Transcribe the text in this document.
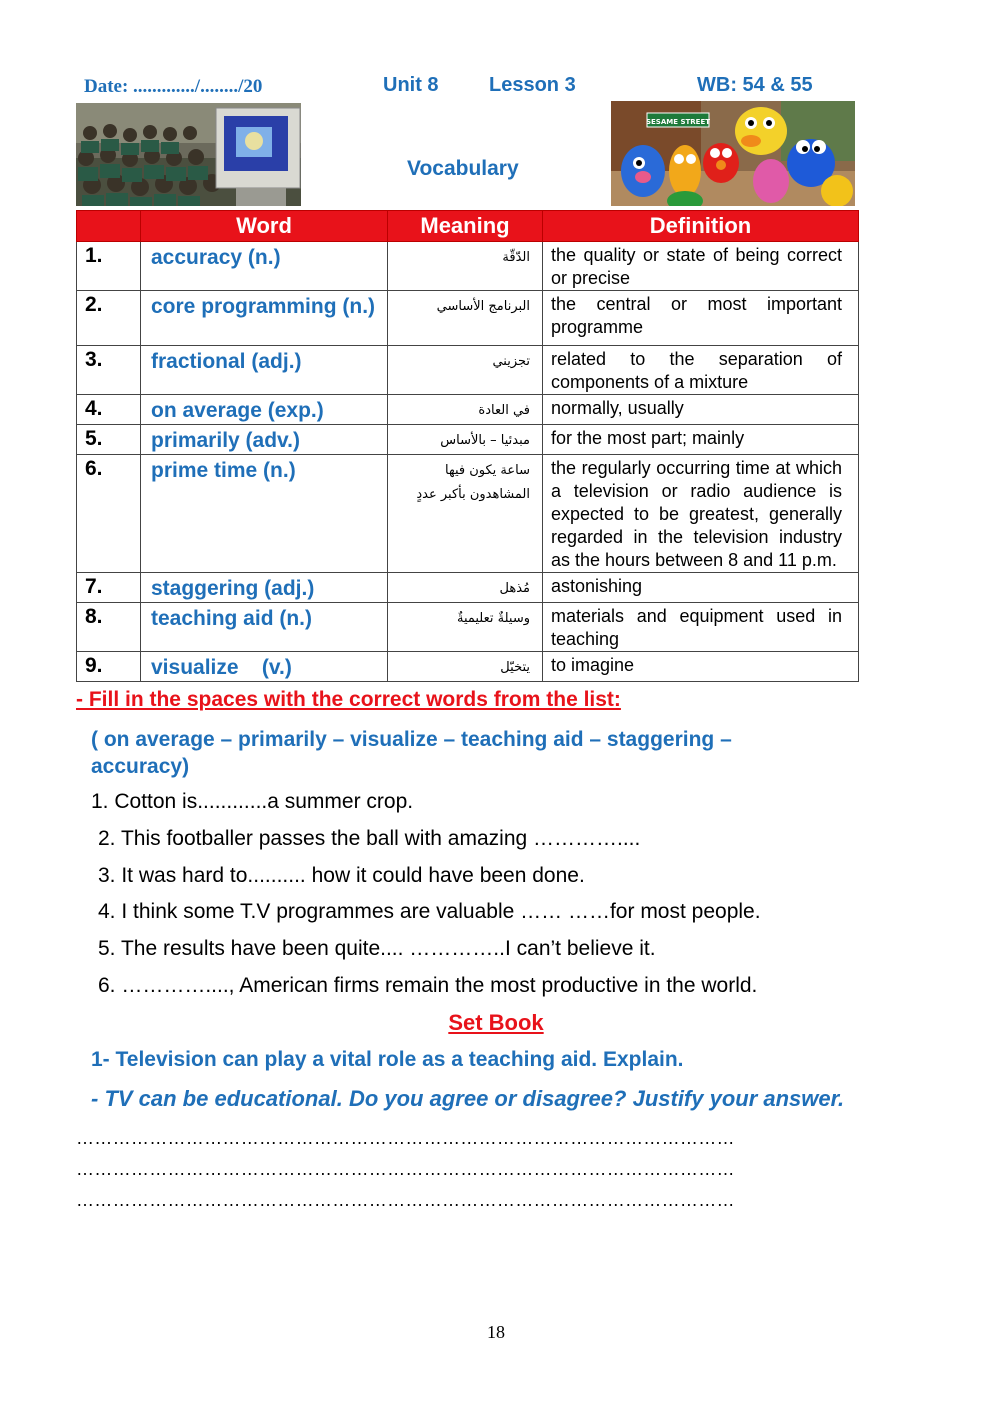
Date: ............./......../20	Unit 8	Lesson 3	WB: 54 & 55
SESAME STREET
Vocabulary
	Word	Meaning	Definition
1.	accuracy (n.)	الدّقّة	the quality or state of being correct or precise
2.	core programming (n.)	البرنامج الأساسي	the central or most important programme
3.	fractional (adj.)	تجزيني	related to the separation of components of a mixture
4.	on average (exp.)	في العادة	normally, usually
5.	primarily (adv.)	مبدئيا – بالأساس	for the most part; mainly
6.	prime time (n.)	ساعة يكون فيها المشاهدون بأكبر عددٍ	the regularly occurring time at which a television or radio audience is expected to be greatest, generally regarded in the television industry as the hours between 8 and 11 p.m.
7.	staggering (adj.)	مُذهل	astonishing
8.	teaching aid (n.)	وسيلةٌ تعليميةٌ	materials and equipment used in teaching
9.	visualize    (v.)	يتخيّل	to imagine
- Fill in the spaces with the correct words from the list:
( on average – primarily – visualize – teaching aid – staggering – accuracy)
1. Cotton is............a summer crop.
2. This footballer passes the ball with amazing …………....
3. It was hard to.......... how it could have been done.
4. I think some T.V programmes are valuable …… ……for most people.
5. The results have been quite.... …………..I can’t believe it.
6. …………...., American firms remain the most productive in the world.
Set Book
1- Television can play a vital role as a teaching aid. Explain.
- TV can be educational. Do you agree or disagree? Justify your answer.
………………………………………………………………………………………………
………………………………………………………………………………………………
………………………………………………………………………………………………
18
